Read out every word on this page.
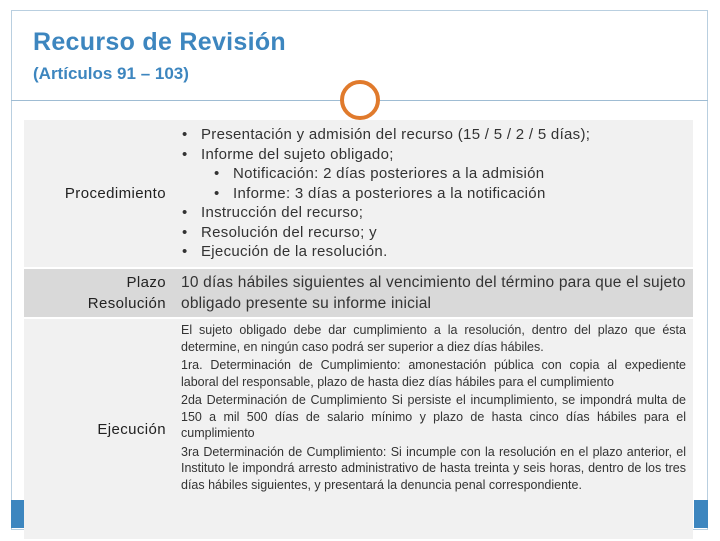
Recurso de Revisión
(Artículos 91 – 103)
Procedimiento
• Presentación y admisión del recurso (15 / 5 / 2 / 5 días);
• Informe del sujeto obligado;
• Notificación: 2 días posteriores a la admisión
• Informe: 3 días a posteriores a la notificación
• Instrucción del recurso;
• Resolución del recurso; y
• Ejecución de la resolución.
Plazo
Resolución
10 días hábiles siguientes al vencimiento del término para que el sujeto obligado presente su informe inicial
Ejecución

El sujeto obligado debe dar cumplimiento a la resolución, dentro del plazo que ésta determine, en ningún caso podrá ser superior a diez días hábiles.

1ra. Determinación de Cumplimiento: amonestación pública con copia al expediente laboral del responsable, plazo de hasta diez días hábiles para el cumplimiento

2da Determinación de Cumplimiento Si persiste el incumplimiento, se impondrá multa de 150 a mil 500 días de salario mínimo y plazo de hasta cinco días hábiles para el cumplimiento

3ra Determinación de Cumplimiento: Si incumple con la resolución en el plazo anterior, el Instituto le impondrá arresto administrativo de hasta treinta y seis horas, dentro de los tres días hábiles siguientes, y presentará la denuncia penal correspondiente.
